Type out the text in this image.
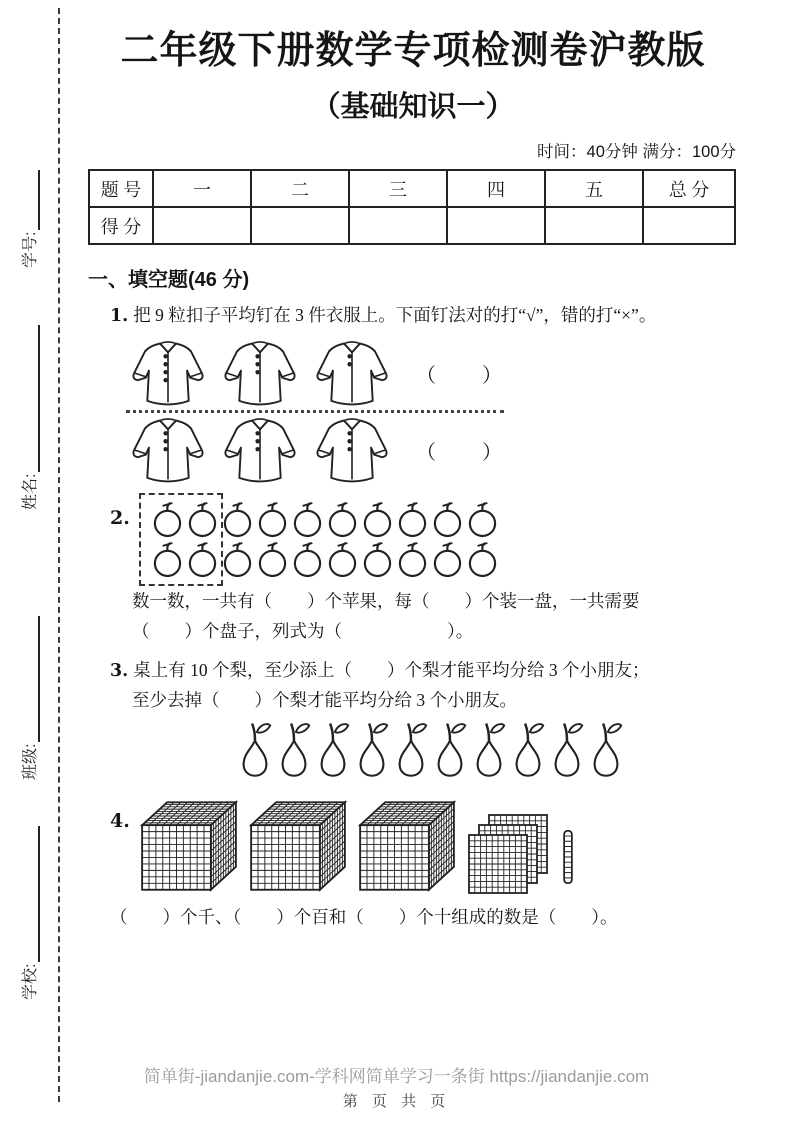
学号:
姓名:
班级:
学校:
二年级下册数学专项检测卷沪教版
（基础知识一）
时间：40分钟 满分：100分
题 号	一	二	三	四	五	总 分
得 分						
一、填空题(46 分)
1. 把 9 粒扣子平均钉在 3 件衣服上。下面钉法对的打“√”，错的打“×”。
（　　）
（　　）
2.
数一数，一共有（　　）个苹果，每（　　）个装一盘，一共需要
（　　）个盘子，列式为（　　　　　　）。
3. 桌上有 10 个梨，至少添上（　　）个梨才能平均分给 3 个小朋友；
至少去掉（　　）个梨才能平均分给 3 个小朋友。
4.
（　　）个千、（　　）个百和（　　）个十组成的数是（　　）。
简单街-jiandanjie.com-学科网简单学习一条街 https://jiandanjie.com
第 页 共 页
